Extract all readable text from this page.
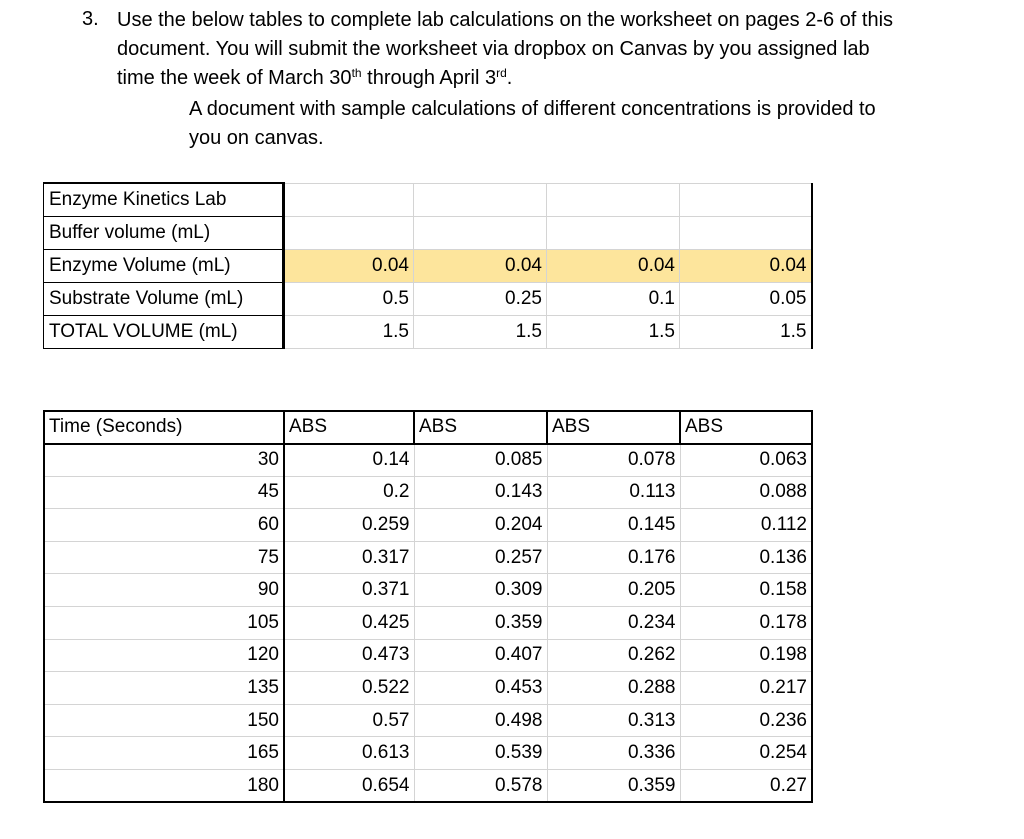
3. Use the below tables to complete lab calculations on the worksheet on pages 2-6 of this
document. You will submit the worksheet via dropbox on Canvas by you assigned lab
time the week of March 30th through April 3rd.
A document with sample calculations of different concentrations is provided to
you on canvas.
Enzyme Kinetics Lab				
Buffer volume (mL)				
Enzyme Volume (mL)	0.04	0.04	0.04	0.04
Substrate Volume (mL)	0.5	0.25	0.1	0.05
TOTAL VOLUME (mL)	1.5	1.5	1.5	1.5
Time (Seconds)	ABS	ABS	ABS	ABS
30	0.14	0.085	0.078	0.063
45	0.2	0.143	0.113	0.088
60	0.259	0.204	0.145	0.112
75	0.317	0.257	0.176	0.136
90	0.371	0.309	0.205	0.158
105	0.425	0.359	0.234	0.178
120	0.473	0.407	0.262	0.198
135	0.522	0.453	0.288	0.217
150	0.57	0.498	0.313	0.236
165	0.613	0.539	0.336	0.254
180	0.654	0.578	0.359	0.27
